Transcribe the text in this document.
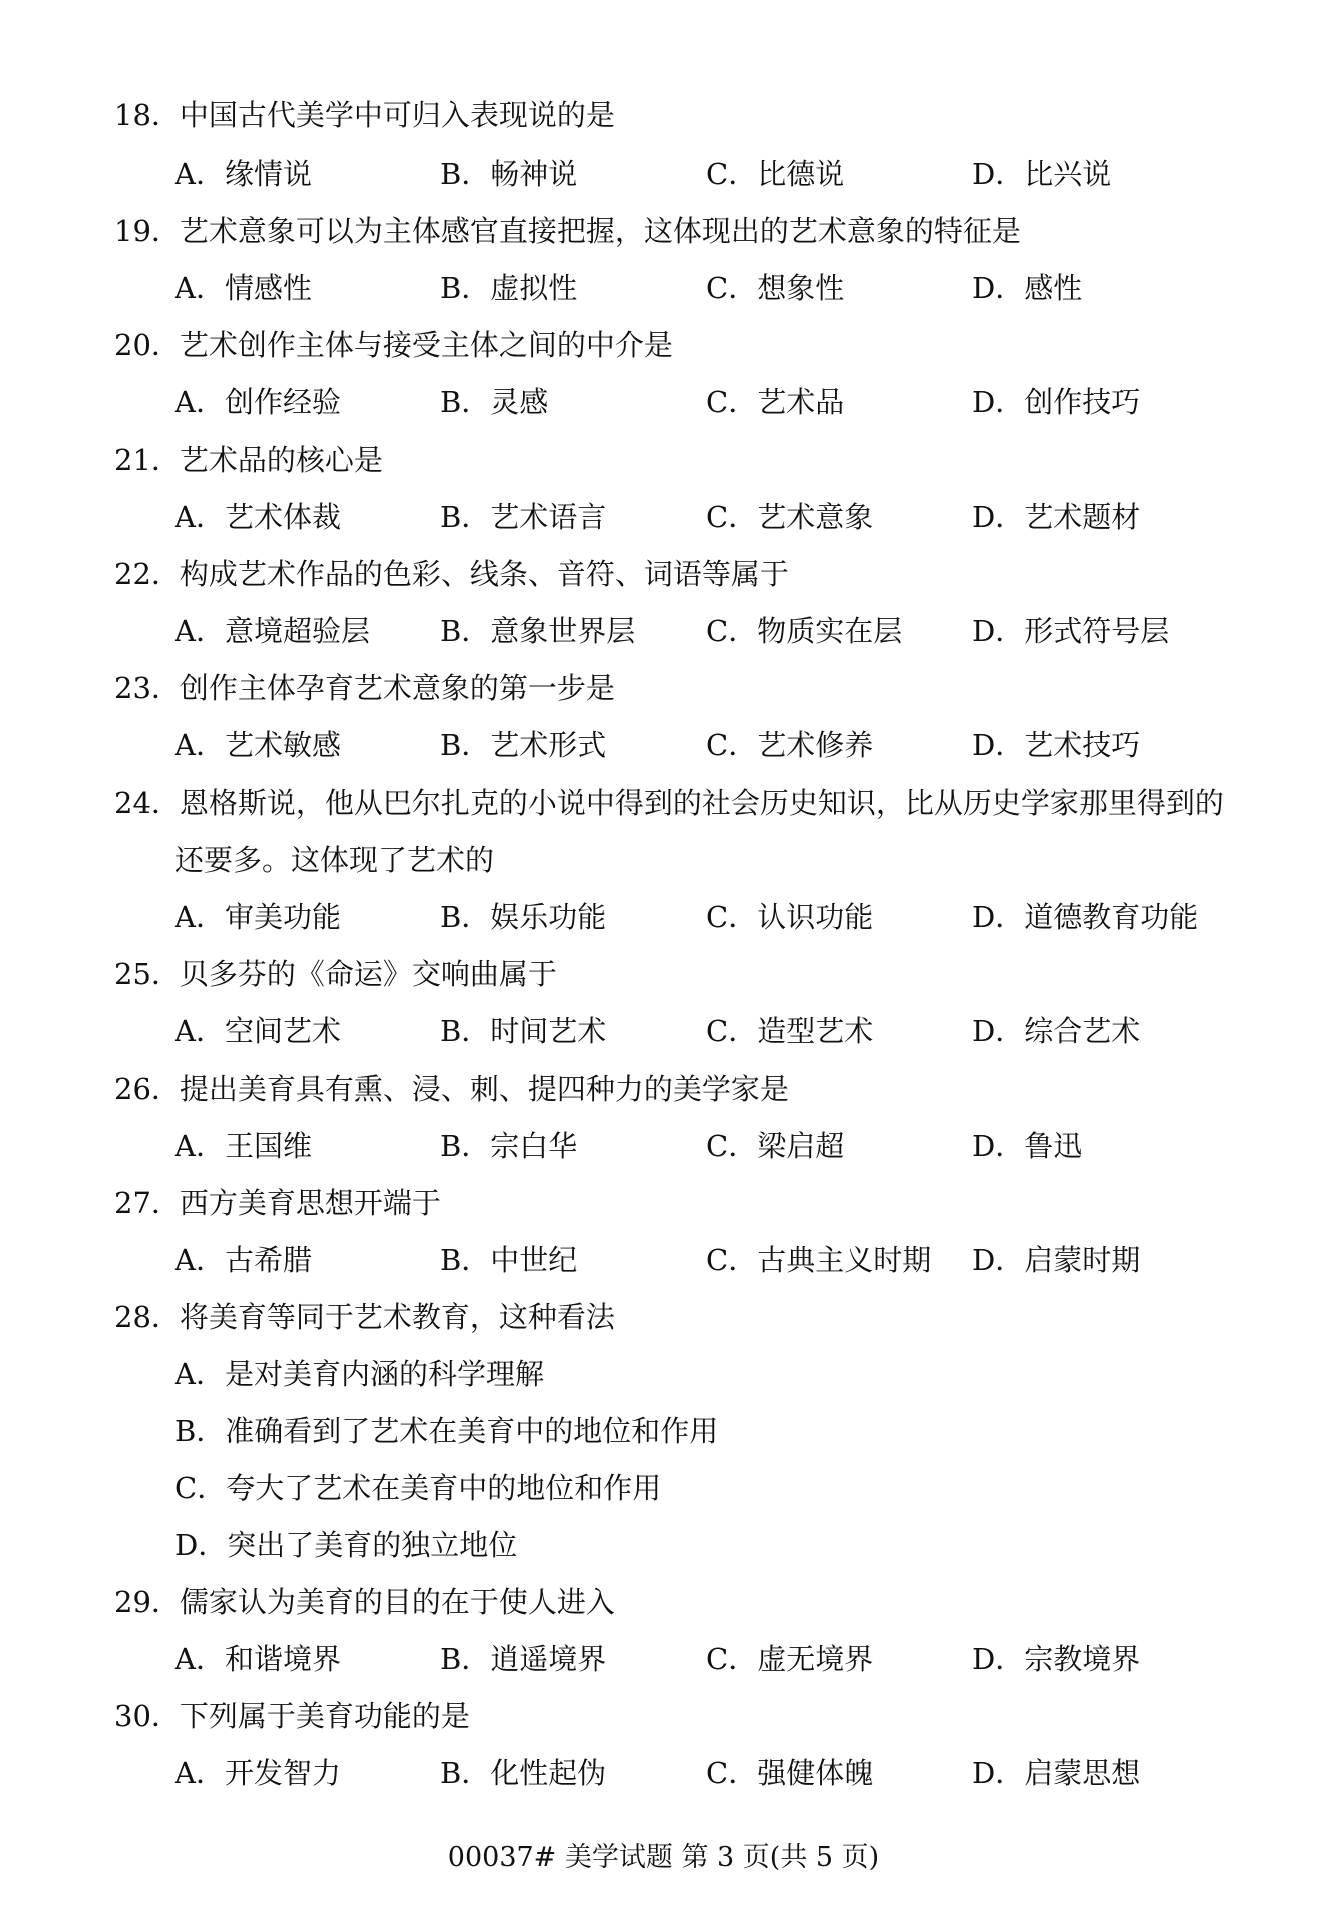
18．中国古代美学中可归入表现说的是
A．缘情说	B．畅神说	C．比德说	D．比兴说
19．艺术意象可以为主体感官直接把握，这体现出的艺术意象的特征是
A．情感性	B．虚拟性	C．想象性	D．感性
20．艺术创作主体与接受主体之间的中介是
A．创作经验	B．灵感	C．艺术品	D．创作技巧
21．艺术品的核心是
A．艺术体裁	B．艺术语言	C．艺术意象	D．艺术题材
22．构成艺术作品的色彩、线条、音符、词语等属于
A．意境超验层 B．意象世界层 C．物质实在层 D．形式符号层
23．创作主体孕育艺术意象的第一步是
A．艺术敏感	B．艺术形式	C．艺术修养	D．艺术技巧
24．恩格斯说，他从巴尔扎克的小说中得到的社会历史知识，比从历史学家那里得到的
还要多。这体现了艺术的
A．审美功能	B．娱乐功能	C．认识功能	D．道德教育功能
25．贝多芬的《命运》交响曲属于
A．空间艺术	B．时间艺术	C．造型艺术	D．综合艺术
26．提出美育具有熏、浸、刺、提四种力的美学家是
A．王国维	B．宗白华	C．梁启超	D．鲁迅
27．西方美育思想开端于
A．古希腊	B．中世纪	C．古典主义时期 D．启蒙时期
28．将美育等同于艺术教育，这种看法
A．是对美育内涵的科学理解
B．准确看到了艺术在美育中的地位和作用
C．夸大了艺术在美育中的地位和作用
D．突出了美育的独立地位
29．儒家认为美育的目的在于使人进入
A．和谐境界	B．逍遥境界	C．虚无境界	D．宗教境界
30．下列属于美育功能的是
A．开发智力	B．化性起伪	C．强健体魄	D．启蒙思想
00037# 美学试题 第 3 页(共 5 页)
